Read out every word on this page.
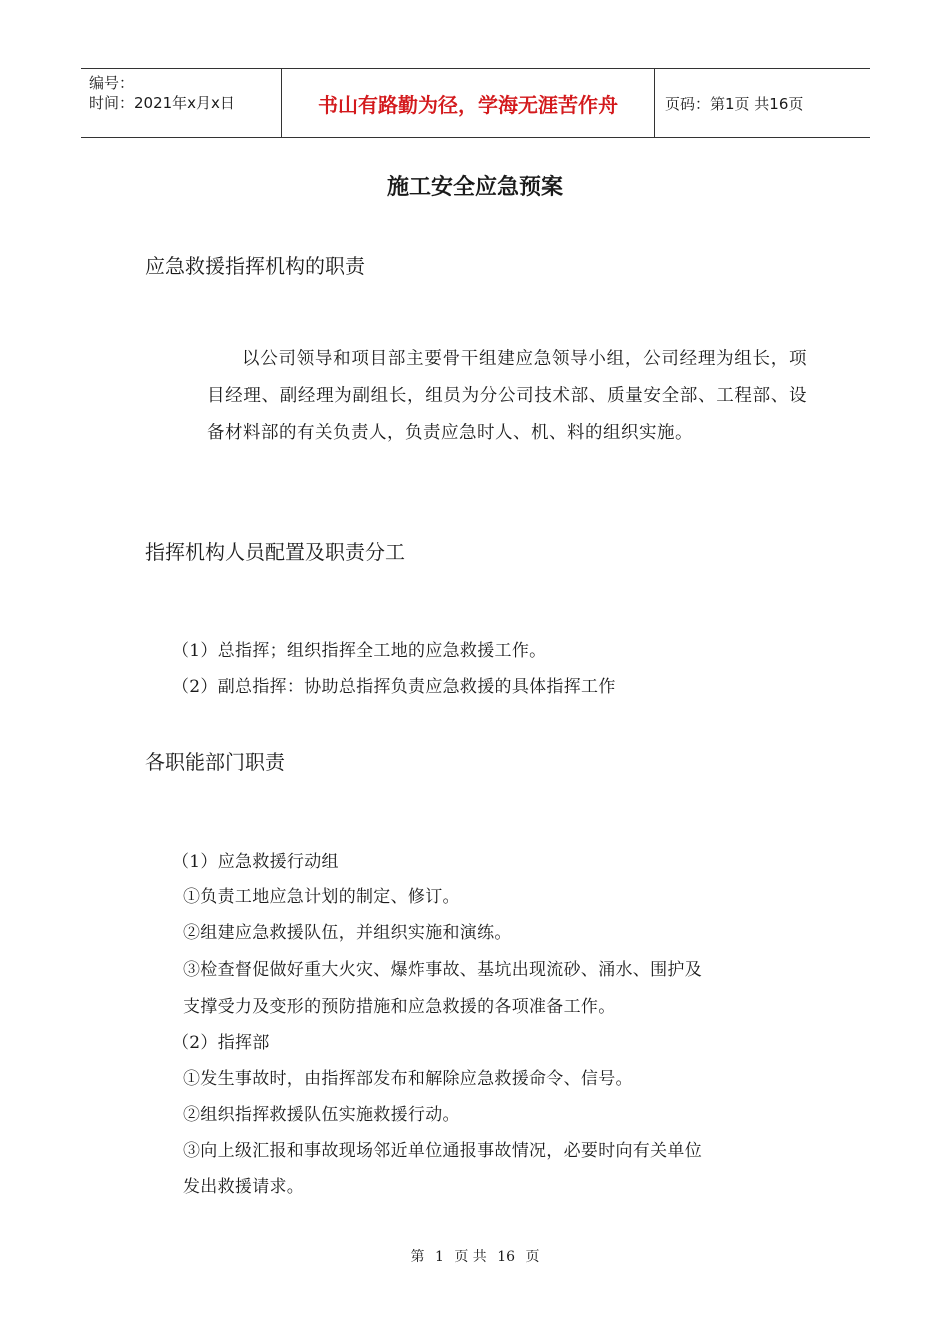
编号：
时间：2021年x月x日	书山有路勤为径，学海无涯苦作舟	页码：第1页 共16页
施工安全应急预案
应急救援指挥机构的职责
以公司领导和项目部主要骨干组建应急领导小组，公司经理为组长，项目经理、副经理为副组长，组员为分公司技术部、质量安全部、工程部、设备材料部的有关负责人，负责应急时人、机、料的组织实施。
指挥机构人员配置及职责分工
（1）总指挥；组织指挥全工地的应急救援工作。
（2）副总指挥：协助总指挥负责应急救援的具体指挥工作
各职能部门职责
（1）应急救援行动组
①负责工地应急计划的制定、修订。
②组建应急救援队伍，并组织实施和演练。
③检查督促做好重大火灾、爆炸事故、基坑出现流砂、涌水、围护及
支撑受力及变形的预防措施和应急救援的各项准备工作。
（2）指挥部
①发生事故时，由指挥部发布和解除应急救援命令、信号。
②组织指挥救援队伍实施救援行动。
③向上级汇报和事故现场邻近单位通报事故情况，必要时向有关单位
发出救援请求。
第 1 页 共 16 页
